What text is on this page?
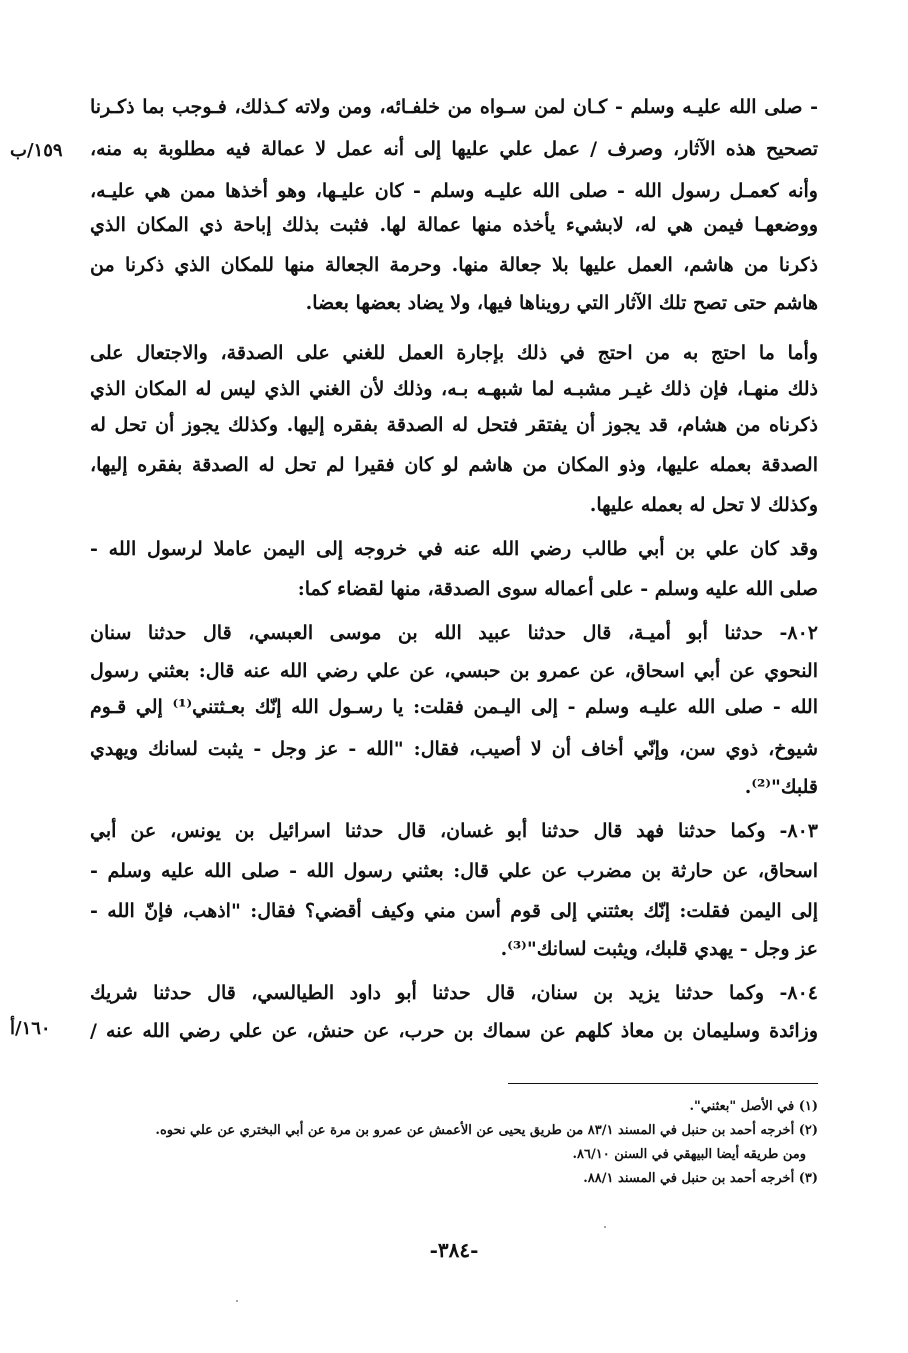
١٥٩/ب
١٦٠/أ
- صلى الله عليـه وسلم - كـان لمن سـواه من خلفـائه، ومن ولاته كـذلك، فـوجب بما ذكـرنا
تصحيح هذه الآثار، وصرف / عمل علي عليها إلى أنه عمل لا عمالة فيه مطلوبة به منه،
وأنه كعمـل رسول الله - صلى الله عليـه وسلم - كان عليـها، وهو أخذها ممن هي عليـه،
ووضعهـا فيمن هي له، لابشيء يأخذه منها عمالة لها. فثبت بذلك إباحة ذي المكان الذي
ذكرنا من هاشم، العمل عليها بلا جعالة منها. وحرمة الجعالة منها للمكان الذي ذكرنا من
هاشم حتى تصح تلك الآثار التي رويناها فيها، ولا يضاد بعضها بعضا.
وأما ما احتج به من احتج في ذلك بإجارة العمل للغني على الصدقة، والاجتعال على
ذلك منهـا، فإن ذلك غيـر مشبـه لما شبهـه بـه، وذلك لأن الغني الذي ليس له المكان الذي
ذكرناه من هشام، قد يجوز أن يفتقر فتحل له الصدقة بفقره إليها. وكذلك يجوز أن تحل له
الصدقة بعمله عليها، وذو المكان من هاشم لو كان فقيرا لم تحل له الصدقة بفقره إليها،
وكذلك لا تحل له بعمله عليها.
وقد كان علي بن أبي طالب رضي الله عنه في خروجه إلى اليمن عاملا لرسول الله -
صلى الله عليه وسلم - على أعماله سوى الصدقة، منها لقضاء كما:
٨٠٢- حدثنا أبو أميـة، قال حدثنا عبيد الله بن موسى العبسي، قال حدثنا سنان
النحوي عن أبي اسحاق، عن عمرو بن حبسي، عن علي رضي الله عنه قال: بعثني رسول
الله - صلى الله عليـه وسلم - إلى اليـمن فقلت: يا رسـول الله إنّك بعـثتني⁽¹⁾ إلي قـوم
شيوخ، ذوي سن، وإنّي أخاف أن لا أصيب، فقال: "الله - عز وجل - يثبت لسانك ويهدي
قلبك"⁽²⁾.
٨٠٣- وكما حدثنا فهد قال حدثنا أبو غسان، قال حدثنا اسرائيل بن يونس، عن أبي
اسحاق، عن حارثة بن مضرب عن علي قال: بعثني رسول الله - صلى الله عليه وسلم -
إلى اليمن فقلت: إنّك بعثتني إلى قوم أسن مني وكيف أقضي؟ فقال: "اذهب، فإنّ الله -
عز وجل - يهدي قلبك، ويثبت لسانك"⁽³⁾.
٨٠٤- وكما حدثنا يزيد بن سنان، قال حدثنا أبو داود الطيالسي، قال حدثنا شريك
وزائدة وسليمان بن معاذ كلهم عن سماك بن حرب، عن حنش، عن علي رضي الله عنه /
(١) في الأصل "بعثني".
(٢) أخرجه أحمد بن حنبل في المسند ٨٣/١ من طريق يحيى عن الأعمش عن عمرو بن مرة عن أبي البختري عن علي نحوه.
ومن طريقه أيضا البيهقي في السنن ٨٦/١٠.
(٣) أخرجه أحمد بن حنبل في المسند ٨٨/١.
-٣٨٤-
